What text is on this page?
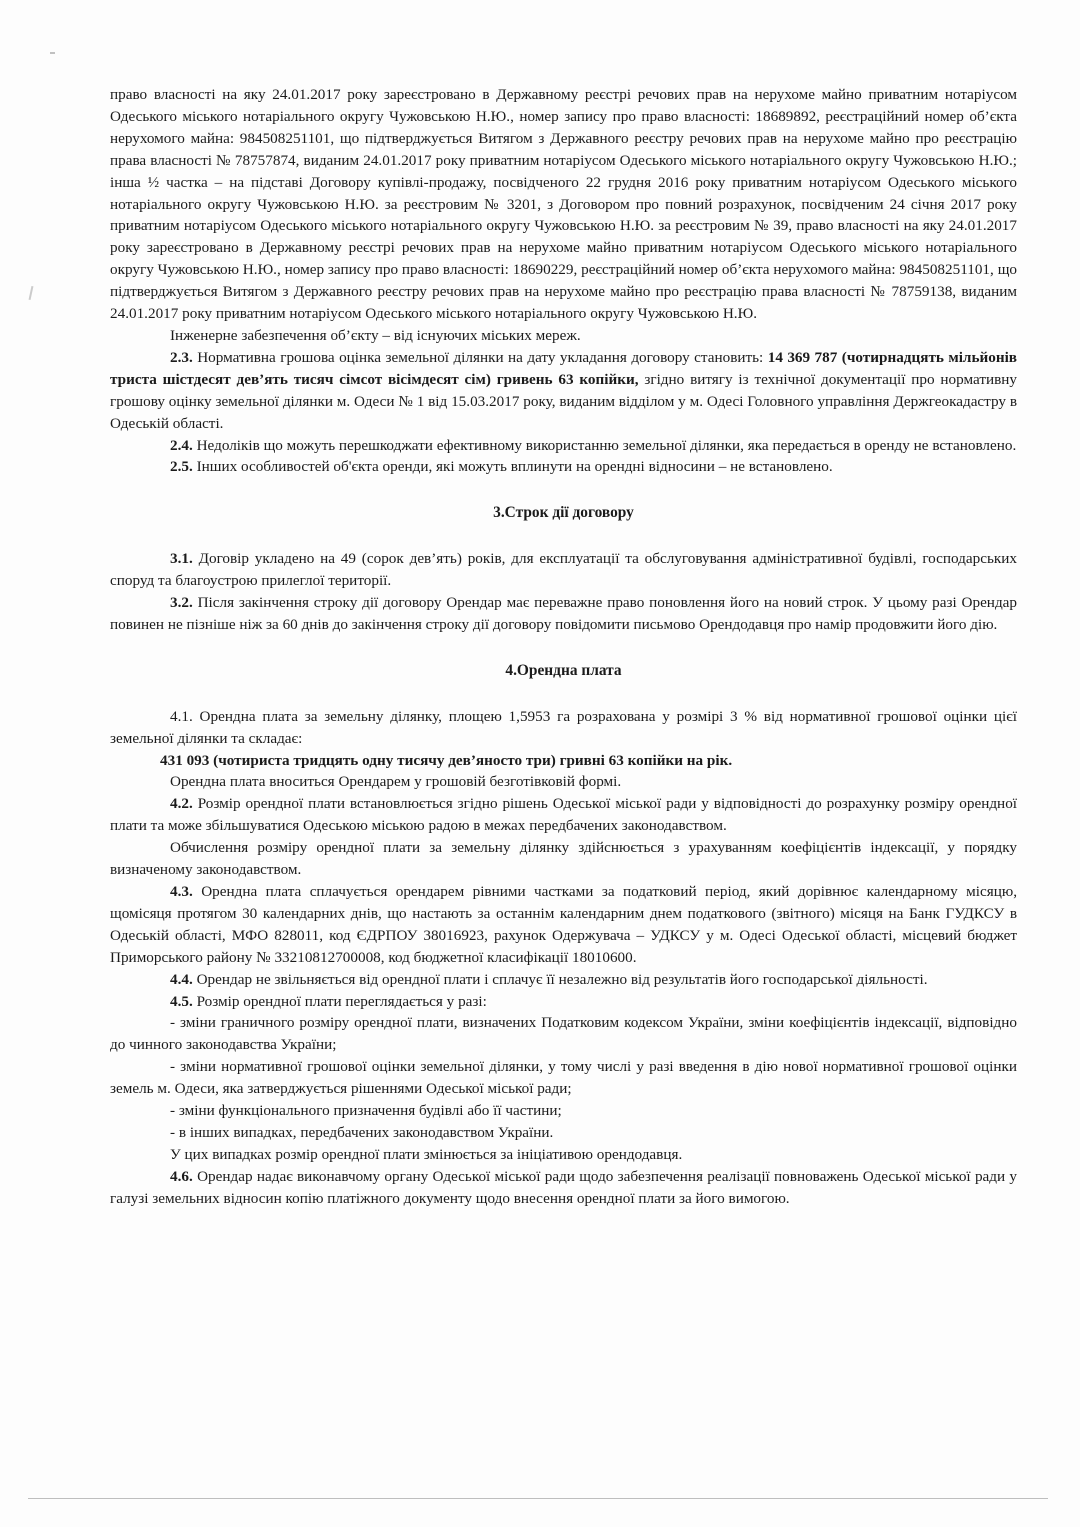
право власності на яку 24.01.2017 року зареєстровано в Державному реєстрі речових прав на нерухоме майно приватним нотаріусом Одеського міського нотаріального округу Чужовською Н.Ю., номер запису про право власності: 18689892, реєстраційний номер об’єкта нерухомого майна: 984508251101, що підтверджується Витягом з Державного реєстру речових прав на нерухоме майно про реєстрацію права власності № 78757874, виданим 24.01.2017 року приватним нотаріусом Одеського міського нотаріального округу Чужовською Н.Ю.; інша ½ частка – на підставі Договору купівлі-продажу, посвідченого 22 грудня 2016 року приватним нотаріусом Одеського міського нотаріального округу Чужовською Н.Ю. за реєстровим № 3201, з Договором про повний розрахунок, посвідченим 24 січня 2017 року приватним нотаріусом Одеського міського нотаріального округу Чужовською Н.Ю. за реєстровим № 39, право власності на яку 24.01.2017 року зареєстровано в Державному реєстрі речових прав на нерухоме майно приватним нотаріусом Одеського міського нотаріального округу Чужовською Н.Ю., номер запису про право власності: 18690229, реєстраційний номер об’єкта нерухомого майна: 984508251101, що підтверджується Витягом з Державного реєстру речових прав на нерухоме майно про реєстрацію права власності № 78759138, виданим 24.01.2017 року приватним нотаріусом Одеського міського нотаріального округу Чужовською Н.Ю.

Інженерне забезпечення об’єкту – від існуючих міських мереж.

2.3. Нормативна грошова оцінка земельної ділянки на дату укладання договору становить: 14 369 787 (чотирнадцять мільйонів триста шістдесят дев’ять тисяч сімсот вісімдесят сім) гривень 63 копійки, згідно витягу із технічної документації про нормативну грошову оцінку земельної ділянки м. Одеси № 1 від 15.03.2017 року, виданим відділом у м. Одесі Головного управління Держгеокадастру в Одеській області.

2.4. Недоліків що можуть перешкоджати ефективному використанню земельної ділянки, яка передається в оренду не встановлено.

2.5. Інших особливостей об'єкта оренди, які можуть вплинути на орендні відносини – не встановлено.

3.Строк дії договору

3.1. Договір укладено на 49 (сорок дев’ять) років, для експлуатації та обслуговування адміністративної будівлі, господарських споруд та благоустрою прилеглої території.

3.2. Після закінчення строку дії договору Орендар має переважне право поновлення його на новий строк. У цьому разі Орендар повинен не пізніше ніж за 60 днів до закінчення строку дії договору повідомити письмово Орендодавця про намір продовжити його дію.

4.Орендна плата

4.1. Орендна плата за земельну ділянку, площею 1,5953 га розрахована у розмірі 3 % від нормативної грошової оцінки цієї земельної ділянки та складає:

431 093 (чотириста тридцять одну тисячу дев’яносто три) гривні 63 копійки на рік.

Орендна плата вноситься Орендарем у грошовій безготівковій формі.

4.2. Розмір орендної плати встановлюється згідно рішень Одеської міської ради у відповідності до розрахунку розміру орендної плати та може збільшуватися Одеською міською радою в межах передбачених законодавством.

Обчислення розміру орендної плати за земельну ділянку здійснюється з урахуванням коефіцієнтів індексації, у порядку визначеному законодавством.

4.3. Орендна плата сплачується орендарем рівними частками за податковий період, який дорівнює календарному місяцю, щомісяця протягом 30 календарних днів, що настають за останнім календарним днем податкового (звітного) місяця на Банк ГУДКСУ в Одеській області, МФО 828011, код ЄДРПОУ 38016923, рахунок Одержувача – УДКСУ у м. Одесі Одеської області, місцевий бюджет Приморського району № 33210812700008, код бюджетної класифікації 18010600.

4.4. Орендар не звільняється від орендної плати і сплачує її незалежно від результатів його господарської діяльності.

4.5. Розмір орендної плати переглядається у разі:

- зміни граничного розміру орендної плати, визначених Податковим кодексом України, зміни коефіцієнтів індексації, відповідно до чинного законодавства України;

- зміни нормативної грошової оцінки земельної ділянки, у тому числі у разі введення в дію нової нормативної грошової оцінки земель м. Одеси, яка затверджується рішеннями Одеської міської ради;

- зміни функціонального призначення будівлі або її частини;

- в інших випадках, передбачених законодавством України.

У цих випадках розмір орендної плати змінюється за ініціативою орендодавця.

4.6. Орендар надає виконавчому органу Одеської міської ради щодо забезпечення реалізації повноважень Одеської міської ради у галузі земельних відносин копію платіжного документу щодо внесення орендної плати за його вимогою.
